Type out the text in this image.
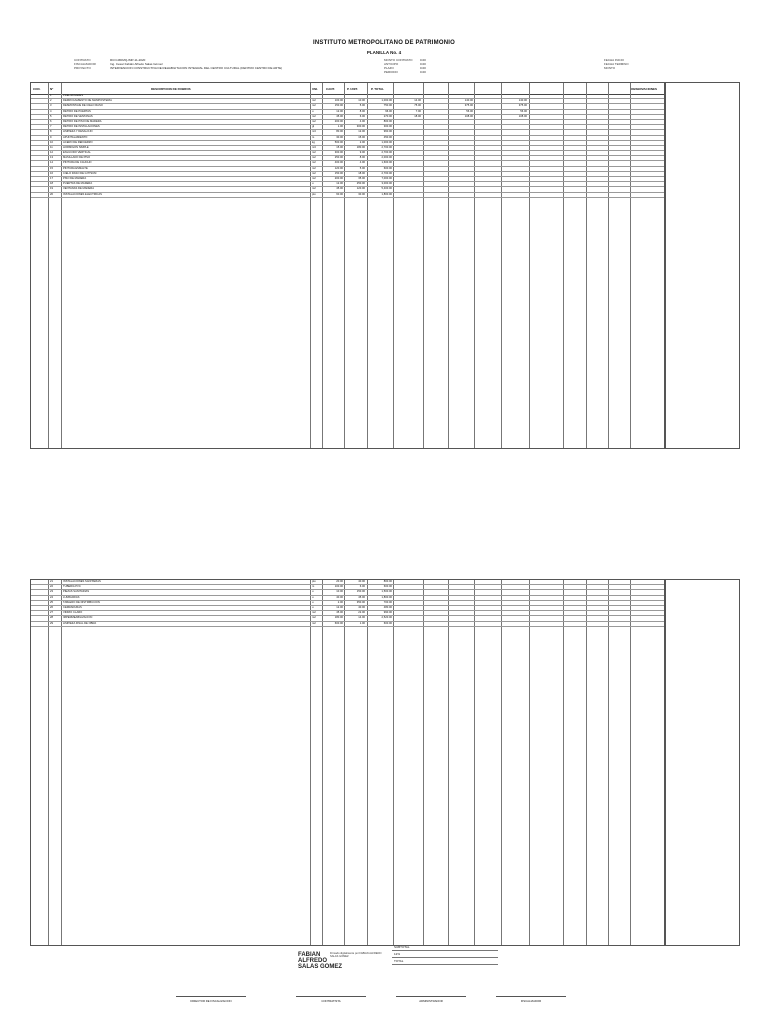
INSTITUTO METROPOLITANO DE PATRIMONIO
PLANILLA No. 4
CONTRATO	RCO-MDMQ-IMP-11-2020
FISCALIZADOR	Ing. Cesar Fabián Alfredo Salas Gómez
PROYECTO	INTERVENCION CONSTRUCTIVA DE REHABILITACION INTEGRAL DEL CENTRO CULTURAL (DENTRO CENTRO DE ARTE)
MONTO CONTRATO	0.00
ANTICIPO	0.00
PLAZO	0.00
PERIODO	0.00
FECHA INICIO
FECHA TERMINO
MONTO
COD.	Nº	DESCRIPCION DE RUBROS	UNI.	CANT.	P. UNIT.	P. TOTAL	OBSERVACIONES
1	PRELIMINARES
2	DERROCAMIENTO DE MAMPOSTERIA	m2	100.00	10.00	1,000.00	14.00	140.00	140.00
3	DESMONTAJE DE CIELO RASO	m2	150.00	5.00	750.00	75.00	375.00	375.00
4	RETIRO DE PUERTAS	u	12.00	8.00	96.00	7.00	56.00	56.00
5	RETIRO DE VENTANAS	m2	45.00	6.00	270.00	18.00	108.00	108.00
6	RETIRO DE PISO DE MADERA	m2	200.00	4.00	800.00
7	RETIRO DE INSTALACIONES	gl	1.00	300.00	300.00
8	LIMPIEZA Y DESALOJO	m3	80.00	12.00	960.00
9	APUNTALAMIENTO	m	30.00	15.00	450.00
10	ACERO DE REFUERZO	kg	500.00	2.00	1,000.00
11	HORMIGON SIMPLE	m3	15.00	180.00	2,700.00
12	ENLUCIDO VERTICAL	m2	300.00	9.00	2,700.00
13	MASILLADO DE PISO	m2	250.00	8.00	2,000.00
14	PINTURA DE CAUCHO	m2	400.00	4.00	1,600.00
15	PINTURA ESMALTE	m2	120.00	5.00	600.00
16	CIELO RASO DE GYPSUM	m2	150.00	18.00	2,700.00
17	PISO DE MADERA	m2	200.00	35.00	7,000.00
18	PUERTAS DE MADERA	u	12.00	250.00	3,000.00
19	VENTANAS DE MADERA	m2	45.00	120.00	5,400.00
20	INSTALACIONES ELECTRICAS	pto	60.00	30.00	1,800.00
21	INSTALACIONES SANITARIAS	pto	20.00	40.00	800.00
22	TUBERIA PVC	m	100.00	6.00	600.00
23	PIEZAS SANITARIAS	u	10.00	150.00	1,500.00
24	LUMINARIAS	u	40.00	45.00	1,800.00
25	TABLERO DE DISTRIBUCION	u	2.00	350.00	700.00
26	CERRADURAS	u	12.00	40.00	480.00
27	VIDRIO CLARO	m2	45.00	22.00	990.00
28	IMPERMEABILIZACION	m2	180.00	14.00	2,520.00
29	LIMPIEZA FINAL DE OBRA	m2	600.00	1.00	600.00
SUBTOTAL
12%
TOTAL
FABIAN
ALFREDO
SALAS GOMEZ
Firmado digitalmente por FABIAN ALFREDO SALAS GOMEZ
DIRECTOR DE FISCALIZACION	CONTRATISTA	ADMINISTRADOR	FISCALIZADOR
